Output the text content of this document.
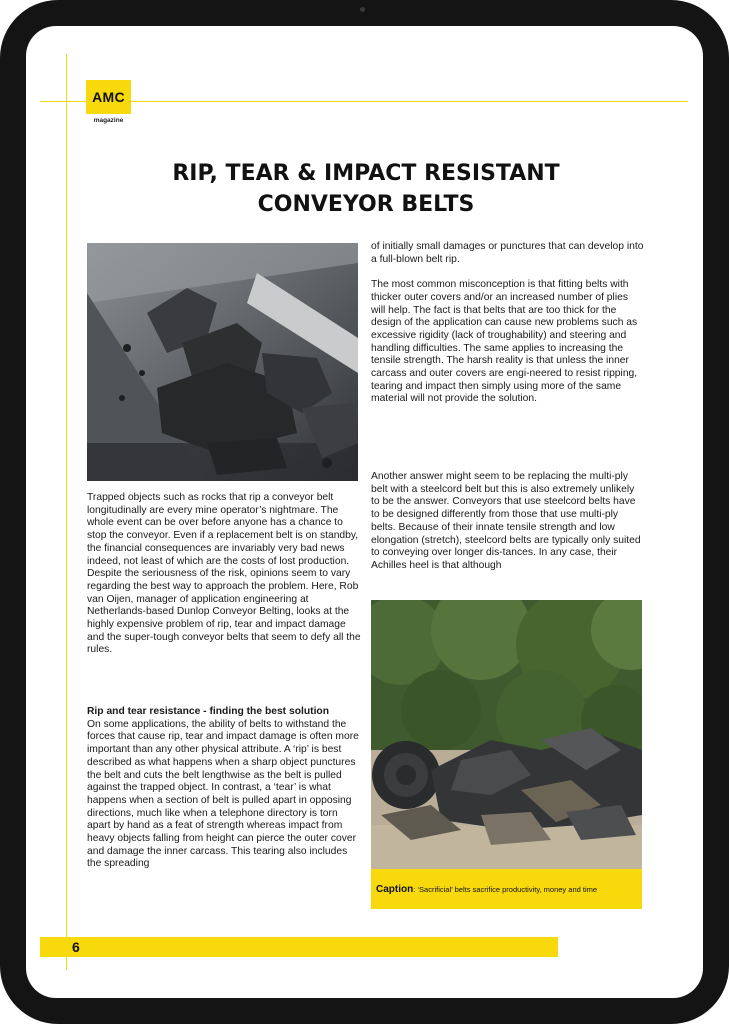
AMC
magazine
RIP, TEAR & IMPACT RESISTANT
CONVEYOR BELTS
Trapped objects such as rocks that rip a conveyor belt longitudinally are every mine operator’s nightmare. The whole event can be over before anyone has a chance to stop the conveyor. Even if a replacement belt is on standby, the financial consequences are invariably very bad news indeed, not least of which are the costs of lost production. Despite the seriousness of the risk, opinions seem to vary regarding the best way to approach the problem. Here, Rob van Oijen, manager of application engineering at Netherlands-based Dunlop Conveyor Belting, looks at the highly expensive problem of rip, tear and impact damage and the super-tough conveyor belts that seem to defy all the rules.
Rip and tear resistance - finding the best solution
On some applications, the ability of belts to withstand the forces that cause rip, tear and impact damage is often more important than any other physical attribute. A ‘rip’ is best described as what happens when a sharp object punctures the belt and cuts the belt lengthwise as the belt is pulled against the trapped object. In contrast, a ‘tear’ is what happens when a section of belt is pulled apart in opposing directions, much like when a telephone directory is torn apart by hand as a feat of strength whereas impact from heavy objects falling from height can pierce the outer cover and damage the inner carcass. This tearing also includes the spreading

of initially small damages or punctures that can develop into a full-blown belt rip.

The most common misconception is that fitting belts with thicker outer covers and/or an increased number of plies will help. The fact is that belts that are too thick for the design of the application can cause new problems such as excessive rigidity (lack of troughability) and steering and handling difficulties. The same applies to increasing the tensile strength. The harsh reality is that unless the inner carcass and outer covers are engi-neered to resist ripping, tearing and impact then simply using more of the same material will not provide the solution.

Another answer might seem to be replacing the multi-ply belt with a steelcord belt but this is also extremely unlikely to be the answer. Conveyors that use steelcord belts have to be designed differently from those that use multi-ply belts. Because of their innate tensile strength and low elongation (stretch), steelcord belts are typically only suited to conveying over longer dis-tances. In any case, their Achilles heel is that although

Caption: ‘Sacrificial’ belts sacrifice productivity, money and time
6
